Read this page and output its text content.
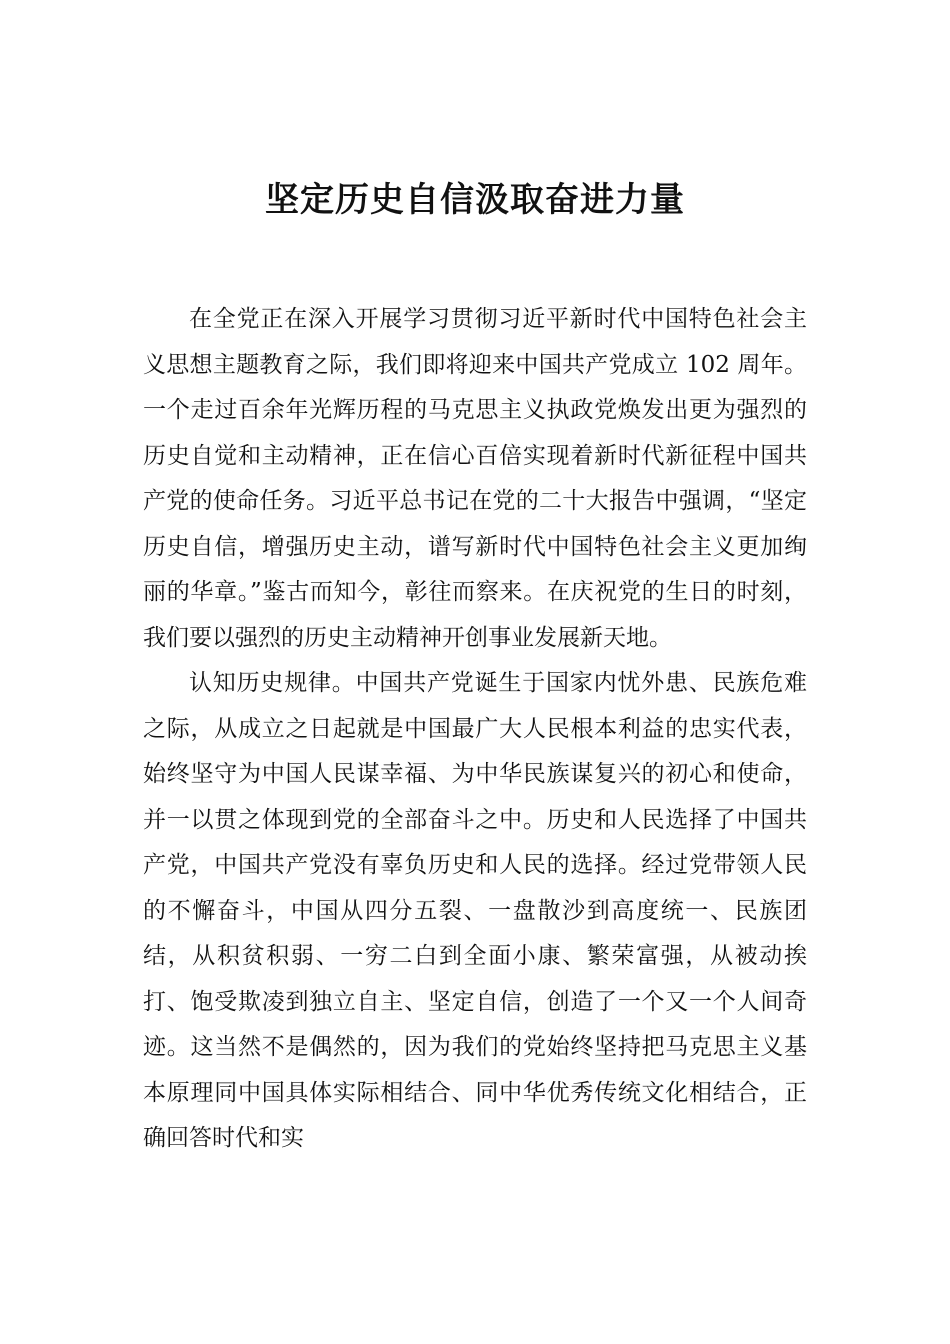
坚定历史自信汲取奋进力量

在全党正在深入开展学习贯彻习近平新时代中国特色社会主义思想主题教育之际，我们即将迎来中国共产党成立 102 周年。一个走过百余年光辉历程的马克思主义执政党焕发出更为强烈的历史自觉和主动精神，正在信心百倍实现着新时代新征程中国共产党的使命任务。习近平总书记在党的二十大报告中强调，“坚定历史自信，增强历史主动，谱写新时代中国特色社会主义更加绚丽的华章。”鉴古而知今，彰往而察来。在庆祝党的生日的时刻，我们要以强烈的历史主动精神开创事业发展新天地。

认知历史规律。中国共产党诞生于国家内忧外患、民族危难之际，从成立之日起就是中国最广大人民根本利益的忠实代表，始终坚守为中国人民谋幸福、为中华民族谋复兴的初心和使命，并一以贯之体现到党的全部奋斗之中。历史和人民选择了中国共产党，中国共产党没有辜负历史和人民的选择。经过党带领人民的不懈奋斗，中国从四分五裂、一盘散沙到高度统一、民族团结，从积贫积弱、一穷二白到全面小康、繁荣富强，从被动挨打、饱受欺凌到独立自主、坚定自信，创造了一个又一个人间奇迹。这当然不是偶然的，因为我们的党始终坚持把马克思主义基本原理同中国具体实际相结合、同中华优秀传统文化相结合，正确回答时代和实
